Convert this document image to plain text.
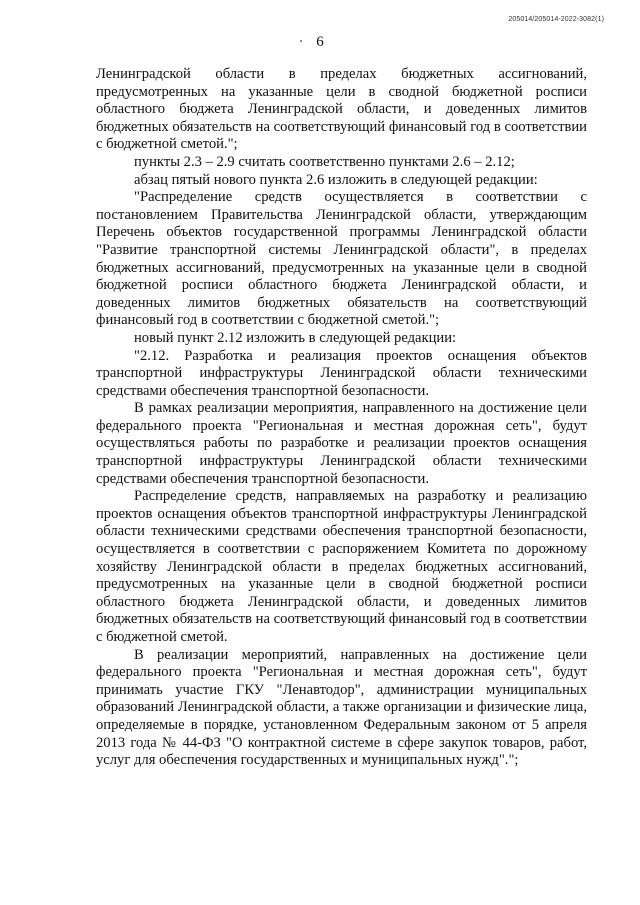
205014/205014-2022-3082(1)
6

Ленинградской области в пределах бюджетных ассигнований, предусмотренных на указанные цели в сводной бюджетной росписи областного бюджета Ленинградской области, и доведенных лимитов бюджетных обязательств на соответствующий финансовый год в соответствии с бюджетной сметой.";

пункты 2.3 – 2.9 считать соответственно пунктами 2.6 – 2.12;

абзац пятый нового пункта 2.6 изложить в следующей редакции:

"Распределение средств осуществляется в соответствии с постановлением Правительства Ленинградской области, утверждающим Перечень объектов государственной программы Ленинградской области "Развитие транспортной системы Ленинградской области", в пределах бюджетных ассигнований, предусмотренных на указанные цели в сводной бюджетной росписи областного бюджета Ленинградской области, и доведенных лимитов бюджетных обязательств на соответствующий финансовый год в соответствии с бюджетной сметой.";

новый пункт 2.12 изложить в следующей редакции:

"2.12. Разработка и реализация проектов оснащения объектов транспортной инфраструктуры Ленинградской области техническими средствами обеспечения транспортной безопасности.

В рамках реализации мероприятия, направленного на достижение цели федерального проекта "Региональная и местная дорожная сеть", будут осуществляться работы по разработке и реализации проектов оснащения транспортной инфраструктуры Ленинградской области техническими средствами обеспечения транспортной безопасности.

Распределение средств, направляемых на разработку и реализацию проектов оснащения объектов транспортной инфраструктуры Ленинградской области техническими средствами обеспечения транспортной безопасности, осуществляется в соответствии с распоряжением Комитета по дорожному хозяйству Ленинградской области в пределах бюджетных ассигнований, предусмотренных на указанные цели в сводной бюджетной росписи областного бюджета Ленинградской области, и доведенных лимитов бюджетных обязательств на соответствующий финансовый год в соответствии с бюджетной сметой.

В реализации мероприятий, направленных на достижение цели федерального проекта "Региональная и местная дорожная сеть", будут принимать участие ГКУ "Ленавтодор", администрации муниципальных образований Ленинградской области, а также организации и физические лица, определяемые в порядке, установленном Федеральным законом от 5 апреля 2013 года № 44-ФЗ "О контрактной системе в сфере закупок товаров, работ, услуг для обеспечения государственных и муниципальных нужд".";
